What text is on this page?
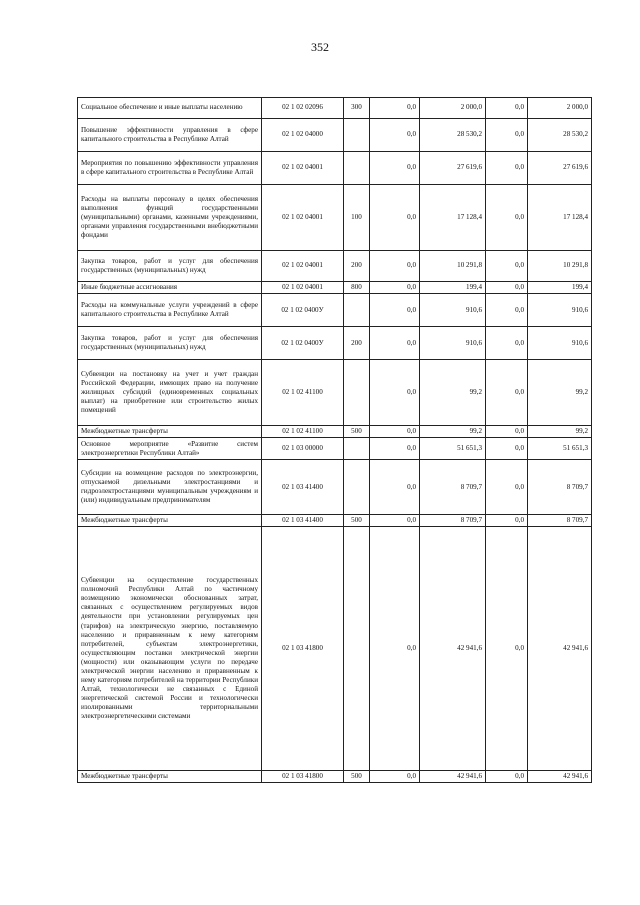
352
Социальное обеспечение и иные выплаты населению	02 1 02 02096	300	0,0	2 000,0	0,0	2 000,0
Повышение эффективности управления в сфере капитального строительства в Республике Алтай	02 1 02 04000		0,0	28 530,2	0,0	28 530,2
Мероприятия по повышению эффективности управления в сфере капитального строительства в Республике Алтай	02 1 02 04001		0,0	27 619,6	0,0	27 619,6
Расходы на выплаты персоналу в целях обеспечения выполнения функций государственными (муниципальными) органами, казенными учреждениями, органами управления государственными внебюджетными фондами	02 1 02 04001	100	0,0	17 128,4	0,0	17 128,4
Закупка товаров, работ и услуг для обеспечения государственных (муниципальных) нужд	02 1 02 04001	200	0,0	10 291,8	0,0	10 291,8
Иные бюджетные ассигнования	02 1 02 04001	800	0,0	199,4	0,0	199,4
Расходы на коммунальные услуги учреждений в сфере капитального строительства в Республике Алтай	02 1 02 0400У		0,0	910,6	0,0	910,6
Закупка товаров, работ и услуг для обеспечения государственных (муниципальных) нужд	02 1 02 0400У	200	0,0	910,6	0,0	910,6
Субвенции на постановку на учет и учет граждан Российской Федерации, имеющих право на получение жилищных субсидий (единовременных социальных выплат) на приобретение или строительство жилых помещений	02 1 02 41100		0,0	99,2	0,0	99,2
Межбюджетные трансферты	02 1 02 41100	500	0,0	99,2	0,0	99,2
Основное мероприятие «Развитие систем электроэнергетики Республики Алтай»	02 1 03 00000		0,0	51 651,3	0,0	51 651,3
Субсидии на возмещение расходов по электроэнергии, отпускаемой дизельными электростанциями и гидроэлектростанциями муниципальным учреждениям и (или) индивидуальным предпринимателям	02 1 03 41400		0,0	8 709,7	0,0	8 709,7
Межбюджетные трансферты	02 1 03 41400	500	0,0	8 709,7	0,0	8 709,7
Субвенции на осуществление государственных полномочий Республики Алтай по частичному возмещению экономически обоснованных затрат, связанных с осуществлением регулируемых видов деятельности при установлении регулируемых цен (тарифов) на электрическую энергию, поставляемую населению и приравненным к нему категориям потребителей, субъектам электроэнергетики, осуществляющим поставки электрической энергии (мощности) или оказывающим услуги по передаче электрической энергии населению и приравненным к нему категориям потребителей на территории Республики Алтай, технологически не связанных с Единой энергетической системой России и технологически изолированными территориальными электроэнергетическими системами	02 1 03 41800		0,0	42 941,6	0,0	42 941,6
Межбюджетные трансферты	02 1 03 41800	500	0,0	42 941,6	0,0	42 941,6
